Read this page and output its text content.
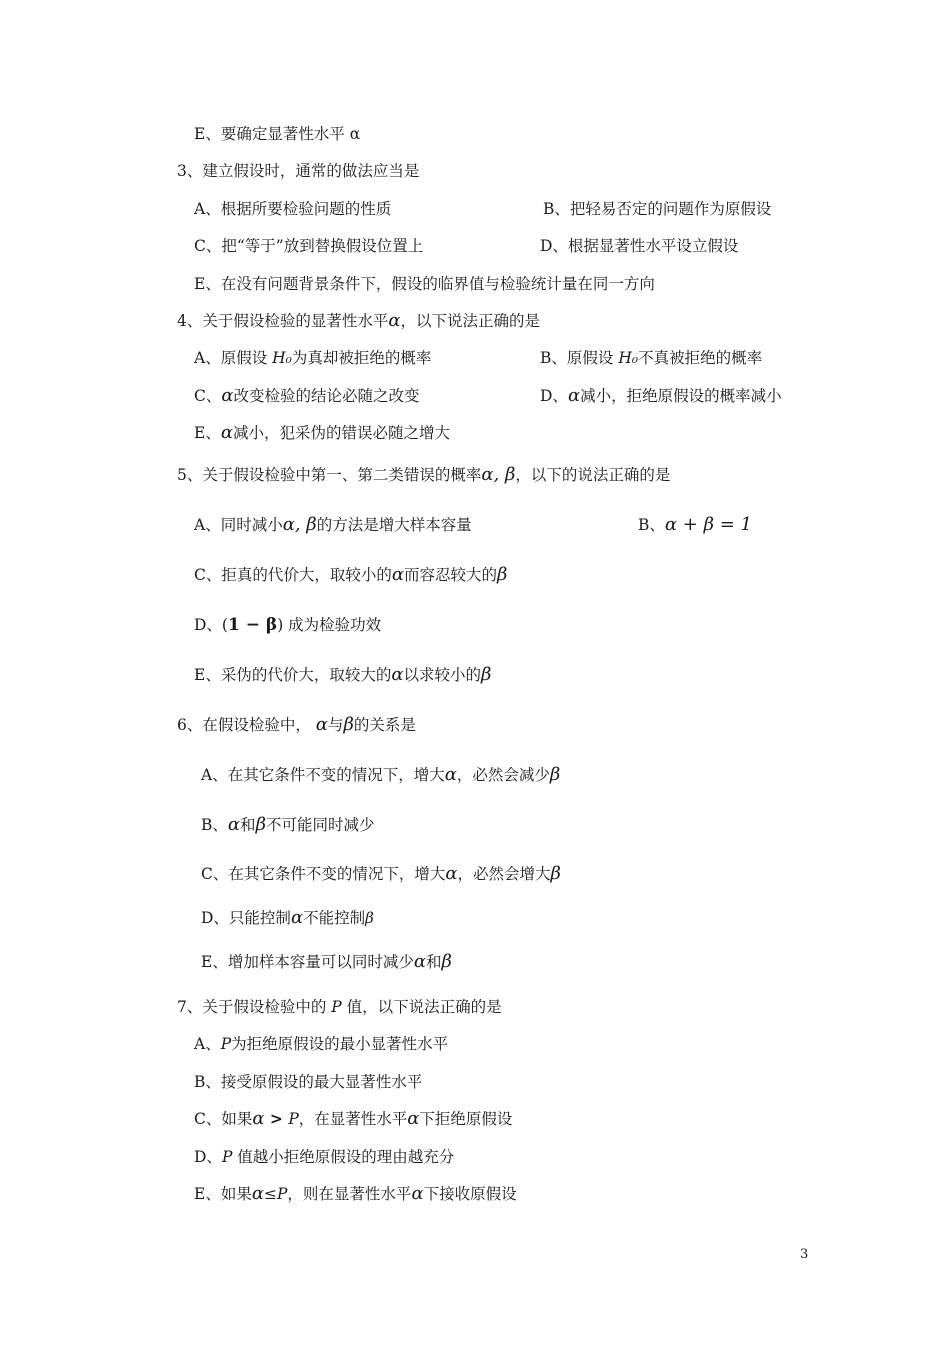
E、要确定显著性水平 α
3、建立假设时，通常的做法应当是
A、根据所要检验问题的性质	B、把轻易否定的问题作为原假设
C、把“等于”放到替换假设位置上	D、根据显著性水平设立假设
E、在没有问题背景条件下，假设的临界值与检验统计量在同一方向
4、关于假设检验的显著性水平α，以下说法正确的是
A、原假设 H₀为真却被拒绝的概率	B、原假设 H₀不真被拒绝的概率
C、α改变检验的结论必随之改变	D、α减小，拒绝原假设的概率减小
E、α减小，犯采伪的错误必随之增大
5、关于假设检验中第一、第二类错误的概率α, β，以下的说法正确的是
A、同时减小α, β的方法是增大样本容量	B、α + β = 1
C、拒真的代价大，取较小的α而容忍较大的β
D、(1 − β) 成为检验功效
E、采伪的代价大，取较大的α以求较小的β
6、在假设检验中， α与β的关系是
A、在其它条件不变的情况下，增大α，必然会减少β
B、α和β不可能同时减少
C、在其它条件不变的情况下，增大α，必然会增大β
D、只能控制α不能控制β
E、增加样本容量可以同时减少α和β
7、关于假设检验中的 P 值，以下说法正确的是
A、P为拒绝原假设的最小显著性水平
B、接受原假设的最大显著性水平
C、如果α > P，在显著性水平α下拒绝原假设
D、P 值越小拒绝原假设的理由越充分
E、如果α≤P，则在显著性水平α下接收原假设
3
